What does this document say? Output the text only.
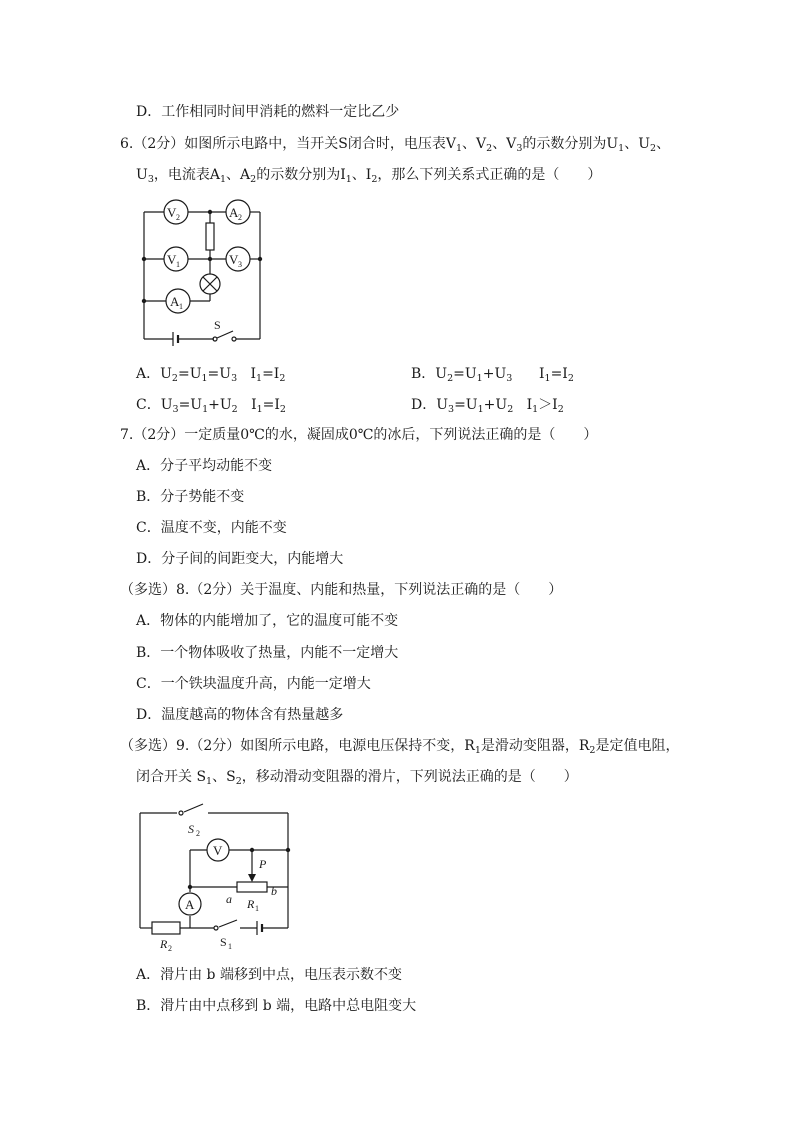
D．工作相同时间甲消耗的燃料一定比乙少
6.（2分）如图所示电路中，当开关S闭合时，电压表$V_1$、$V_2$、$V_3$的示数分别为$U_1$、$U_2$、
$U_3$，电流表$A_1$、$A_2$的示数分别为$I_1$、$I_2$，那么下列关系式正确的是（　　）
V 2	A 2
V 1	V 3
A 1
S
A．$U_2=U_1=U_3$   $I_1=I_2$	B．$U_2=U_1+U_3$      $I_1=I_2$
C．$U_3=U_1+U_2$   $I_1=I_2$	D．$U_3=U_1+U_2$   $I_1>I_2$
7.（2分）一定质量0℃的水，凝固成0℃的冰后，下列说法正确的是（　　）
A．分子平均动能不变
B．分子势能不变
C．温度不变，内能不变
D．分子间的间距变大，内能增大
（多选）8.（2分）关于温度、内能和热量，下列说法正确的是（　　）
A．物体的内能增加了，它的温度可能不变
B．一个物体吸收了热量，内能不一定增大
C．一个铁块温度升高，内能一定增大
D．温度越高的物体含有热量越多
（多选）9.（2分）如图所示电路，电源电压保持不变，$R_1$是滑动变阻器，$R_2$是定值电阻，
闭合开关 $S_1$、$S_2$，移动滑动变阻器的滑片，下列说法正确的是（　　）
S 2
V
P
A	a
b
R 1
R 2	S 1
A．滑片由 b 端移到中点，电压表示数不变
B．滑片由中点移到 b 端，电路中总电阻变大
